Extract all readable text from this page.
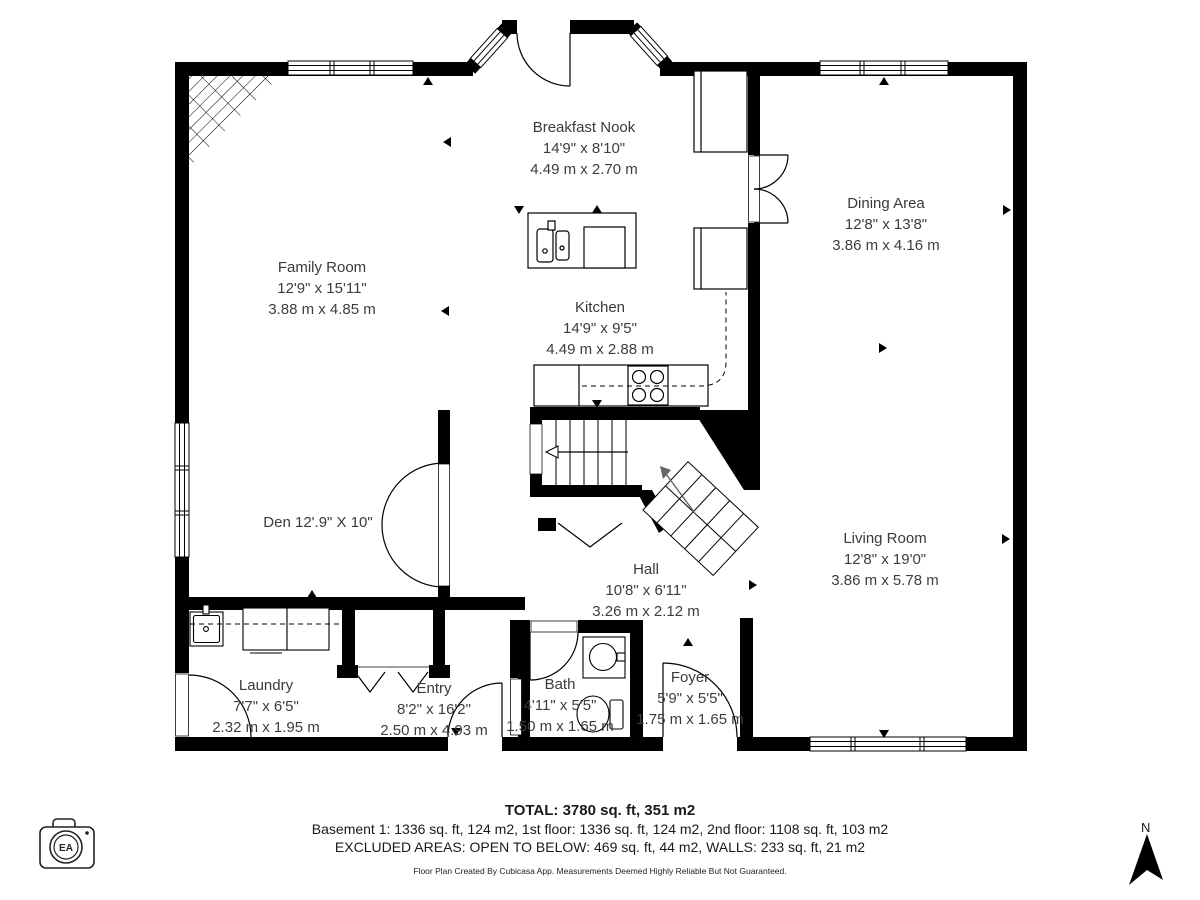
N
EA
Breakfast Nook
14'9" x 8'10"
4.49 m x 2.70 m
Dining Area
12'8" x 13'8"
3.86 m x 4.16 m
Family Room
12'9" x 15'11"
3.88 m x 4.85 m	Kitchen
14'9" x 9'5"
4.49 m x 2.88 m
Den 12'.9" X 10"
Hall
10'8" x 6'11"
3.26 m x 2.12 m
Living Room
12'8" x 19'0"
3.86 m x 5.78 m
Laundry
7'7" x 6'5"
2.32 m x 1.95 m
Entry
8'2" x 16'2"
2.50 m x 4.93 m
Bath
4'11" x 5'5"
1.50 m x 1.65 m
Foyer
5'9" x 5'5"
1.75 m x 1.65 m
TOTAL: 3780 sq. ft, 351 m2
Basement 1: 1336 sq. ft, 124 m2, 1st floor: 1336 sq. ft, 124 m2, 2nd floor: 1108 sq. ft, 103 m2
EXCLUDED AREAS: OPEN TO BELOW: 469 sq. ft, 44 m2, WALLS: 233 sq. ft, 21 m2
Floor Plan Created By Cubicasa App. Measurements Deemed Highly Reliable But Not Guaranteed.
